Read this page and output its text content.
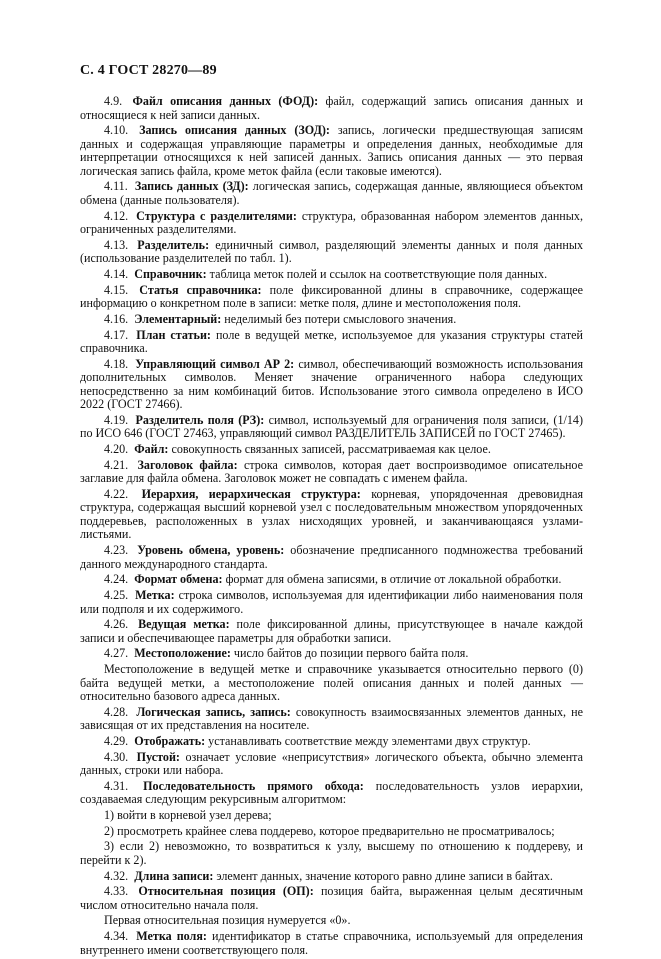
С. 4 ГОСТ 28270—89

4.9. Файл описания данных (ФОД): файл, содержащий запись описания данных и относящиеся к ней записи данных.

4.10. Запись описания данных (ЗОД): запись, логически предшествующая записям данных и содержащая управляющие параметры и определения данных, необходимые для интерпретации относящихся к ней записей данных. Запись описания данных — это первая логическая запись файла, кроме меток файла (если таковые имеются).

4.11. Запись данных (ЗД): логическая запись, содержащая данные, являющиеся объектом обмена (данные пользователя).

4.12. Структура с разделителями: структура, образованная набором элементов данных, ограниченных разделителями.

4.13. Разделитель: единичный символ, разделяющий элементы данных и поля данных (использование разделителей по табл. 1).

4.14. Справочник: таблица меток полей и ссылок на соответствующие поля данных.

4.15. Статья справочника: поле фиксированной длины в справочнике, содержащее информацию о конкретном поле в записи: метке поля, длине и местоположения поля.

4.16. Элементарный: неделимый без потери смыслового значения.

4.17. План статьи: поле в ведущей метке, используемое для указания структуры статей справочника.

4.18. Управляющий символ АР 2: символ, обеспечивающий возможность использования дополнительных символов. Меняет значение ограниченного набора следующих непосредственно за ним комбинаций битов. Использование этого символа определено в ИСО 2022 (ГОСТ 27466).

4.19. Разделитель поля (РЗ): символ, используемый для ограничения поля записи, (1/14) по ИСО 646 (ГОСТ 27463, управляющий символ РАЗДЕЛИТЕЛЬ ЗАПИСЕЙ по ГОСТ 27465).

4.20. Файл: совокупность связанных записей, рассматриваемая как целое.

4.21. Заголовок файла: строка символов, которая дает воспроизводимое описательное заглавие для файла обмена. Заголовок может не совпадать с именем файла.

4.22. Иерархия, иерархическая структура: корневая, упорядоченная древовидная структура, содержащая высший корневой узел с последовательным множеством упорядоченных поддеревьев, расположенных в узлах нисходящих уровней, и заканчивающаяся узлами-листьями.

4.23. Уровень обмена, уровень: обозначение предписанного подмножества требований данного международного стандарта.

4.24. Формат обмена: формат для обмена записями, в отличие от локальной обработки.

4.25. Метка: строка символов, используемая для идентификации либо наименования поля или подполя и их содержимого.

4.26. Ведущая метка: поле фиксированной длины, присутствующее в начале каждой записи и обеспечивающее параметры для обработки записи.

4.27. Местоположение: число байтов до позиции первого байта поля.

Местоположение в ведущей метке и справочнике указывается относительно первого (0) байта ведущей метки, а местоположение полей описания данных и полей данных — относительно базового адреса данных.

4.28. Логическая запись, запись: совокупность взаимосвязанных элементов данных, не зависящая от их представления на носителе.

4.29. Отображать: устанавливать соответствие между элементами двух структур.

4.30. Пустой: означает условие «неприсутствия» логического объекта, обычно элемента данных, строки или набора.

4.31. Последовательность прямого обхода: последовательность узлов иерархии, создаваемая следующим рекурсивным алгоритмом:

1) войти в корневой узел дерева;

2) просмотреть крайнее слева поддерево, которое предварительно не просматривалось;

3) если 2) невозможно, то возвратиться к узлу, высшему по отношению к поддереву, и перейти к 2).

4.32. Длина записи: элемент данных, значение которого равно длине записи в байтах.

4.33. Относительная позиция (ОП): позиция байта, выраженная целым десятичным числом относительно начала поля.

Первая относительная позиция нумеруется «0».

4.34. Метка поля: идентификатор в статье справочника, используемый для определения внутреннего имени соответствующего поля.
